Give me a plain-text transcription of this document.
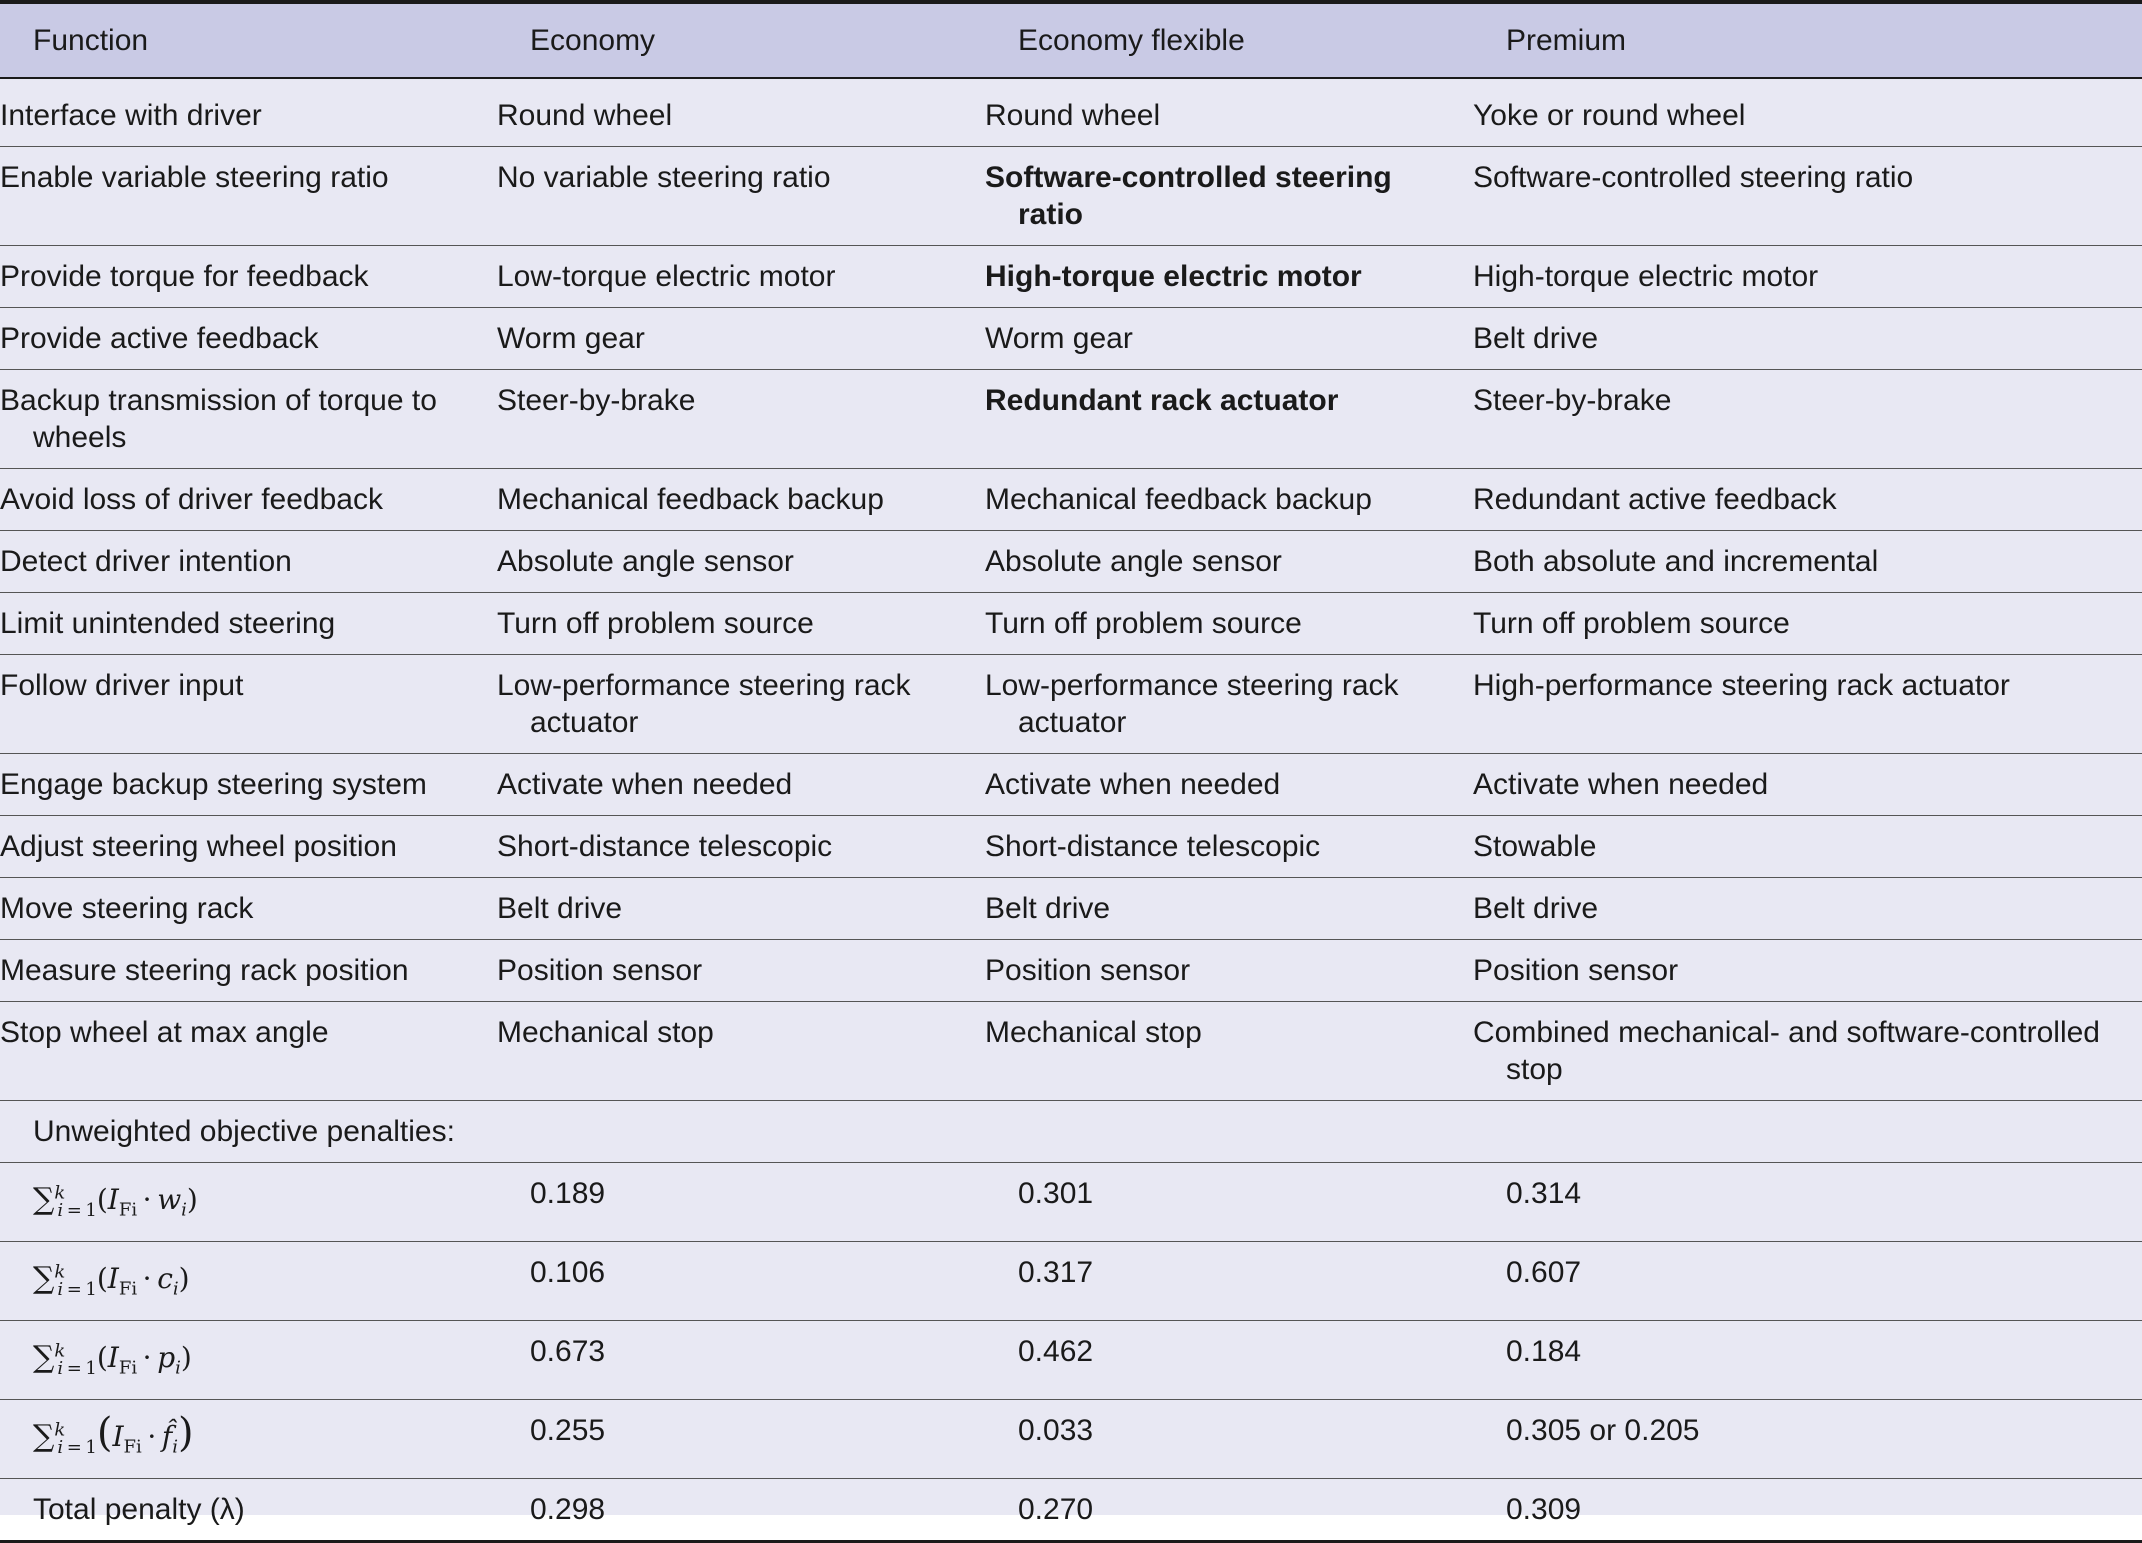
Function	Economy	Economy flexible	Premium

Interface with driver	Round wheel	Round wheel	Yoke or round wheel

Enable variable steering ratio	No variable steering ratio	Software-controlled steering ratio	Software-controlled steering ratio

Provide torque for feedback	Low-torque electric motor	High-torque electric motor	High-torque electric motor

Provide active feedback	Worm gear	Worm gear	Belt drive

Backup transmission of torque to wheels	Steer-by-brake	Redundant rack actuator	Steer-by-brake

Avoid loss of driver feedback	Mechanical feedback backup	Mechanical feedback backup	Redundant active feedback

Detect driver intention	Absolute angle sensor	Absolute angle sensor	Both absolute and incremental

Limit unintended steering	Turn off problem source	Turn off problem source	Turn off problem source

Follow driver input	Low-performance steering rack actuator	Low-performance steering rack actuator	High-performance steering rack actuator

Engage backup steering system	Activate when needed	Activate when needed	Activate when needed

Adjust steering wheel position	Short-distance telescopic	Short-distance telescopic	Stowable

Move steering rack	Belt drive	Belt drive	Belt drive

Measure steering rack position	Position sensor	Position sensor	Position sensor

Stop wheel at max angle	Mechanical stop	Mechanical stop	Combined mechanical- and software-controlled stop

Unweighted objective penalties:			
$\sum^k_{i = 1}(I_{Fi} \cdot w_i)$	0.189	0.301	0.314
$\sum^k_{i = 1}(I_{Fi} \cdot c_i)$	0.106	0.317	0.607
$\sum^k_{i = 1}(I_{Fi} \cdot p_i)$	0.673	0.462	0.184
$\sum^k_{i = 1}(I_{Fi}$ · $f̂_i$)	0.255	0.033	0.305 or 0.205
Total penalty (λ)	0.298	0.270	0.309
